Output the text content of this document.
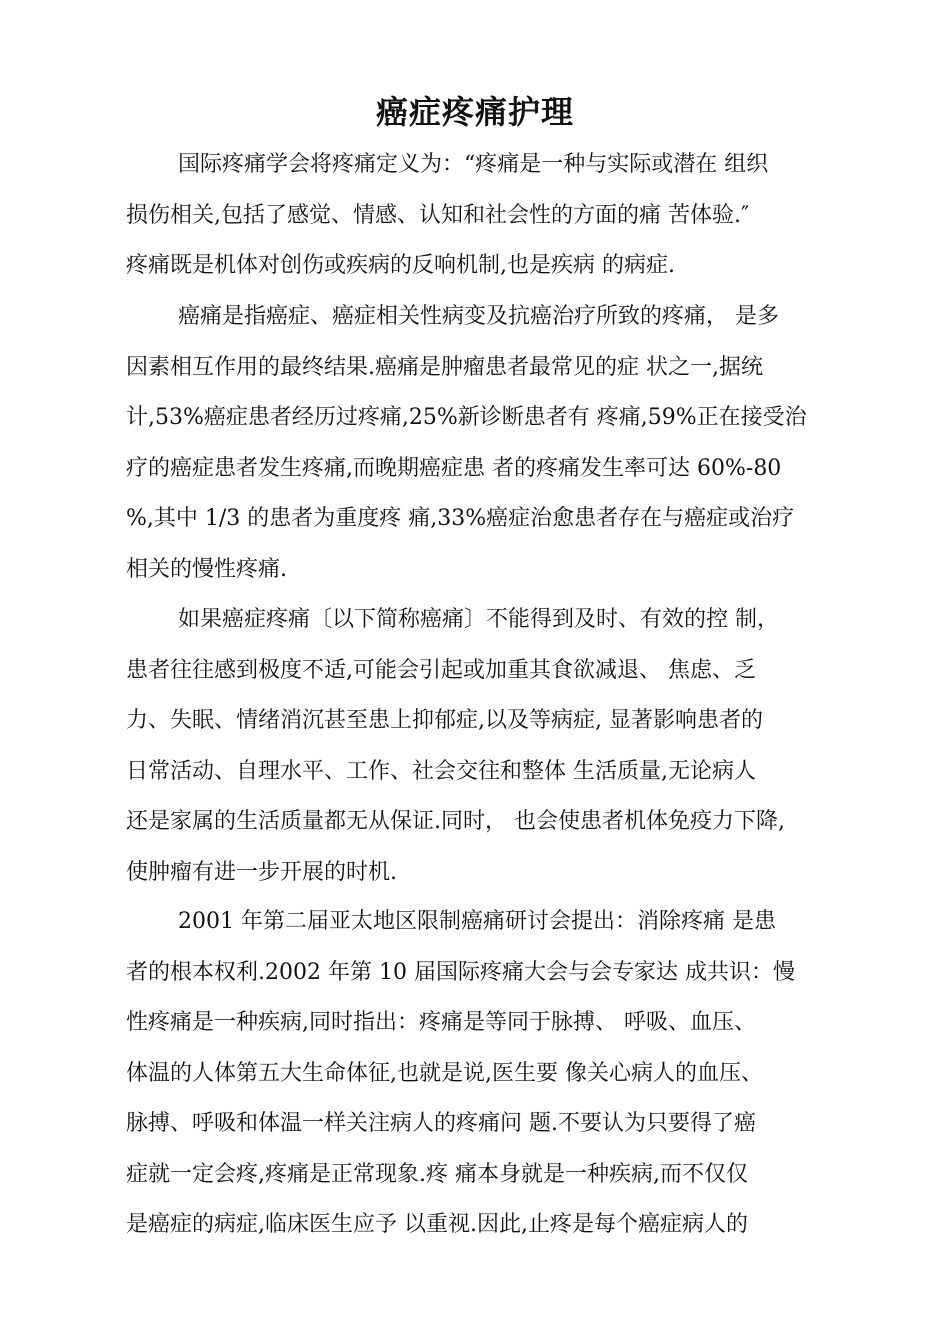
癌症疼痛护理
国际疼痛学会将疼痛定义为：“疼痛是一种与实际或潜在 组织
损伤相关,包括了感觉、情感、认知和社会性的方面的痛 苦体验.″
疼痛既是机体对创伤或疾病的反响机制,也是疾病 的病症.
癌痛是指癌症、癌症相关性病变及抗癌治疗所致的疼痛， 是多
因素相互作用的最终结果.癌痛是肿瘤患者最常见的症 状之一,据统
计,53%癌症患者经历过疼痛,25%新诊断患者有 疼痛,59%正在接受治
疗的癌症患者发生疼痛,而晚期癌症患 者的疼痛发生率可达 60%-80
%,其中 1/3 的患者为重度疼 痛,33%癌症治愈患者存在与癌症或治疗
相关的慢性疼痛.
如果癌症疼痛〔以下简称癌痛〕不能得到及时、有效的控 制，
患者往往感到极度不适,可能会引起或加重其食欲减退、 焦虑、乏
力、失眠、情绪消沉甚至患上抑郁症,以及等病症, 显著影响患者的
日常活动、自理水平、工作、社会交往和整体 生活质量,无论病人
还是家属的生活质量都无从保证.同时， 也会使患者机体免疫力下降,
使肿瘤有进一步开展的时机.
2001 年第二届亚太地区限制癌痛研讨会提出：消除疼痛 是患
者的根本权利.2002 年第 10 届国际疼痛大会与会专家达 成共识：慢
性疼痛是一种疾病,同时指出：疼痛是等同于脉搏、 呼吸、血压、
体温的人体第五大生命体征,也就是说,医生要 像关心病人的血压、
脉搏、呼吸和体温一样关注病人的疼痛问 题.不要认为只要得了癌
症就一定会疼,疼痛是正常现象.疼 痛本身就是一种疾病,而不仅仅
是癌症的病症,临床医生应予 以重视.因此,止疼是每个癌症病人的
